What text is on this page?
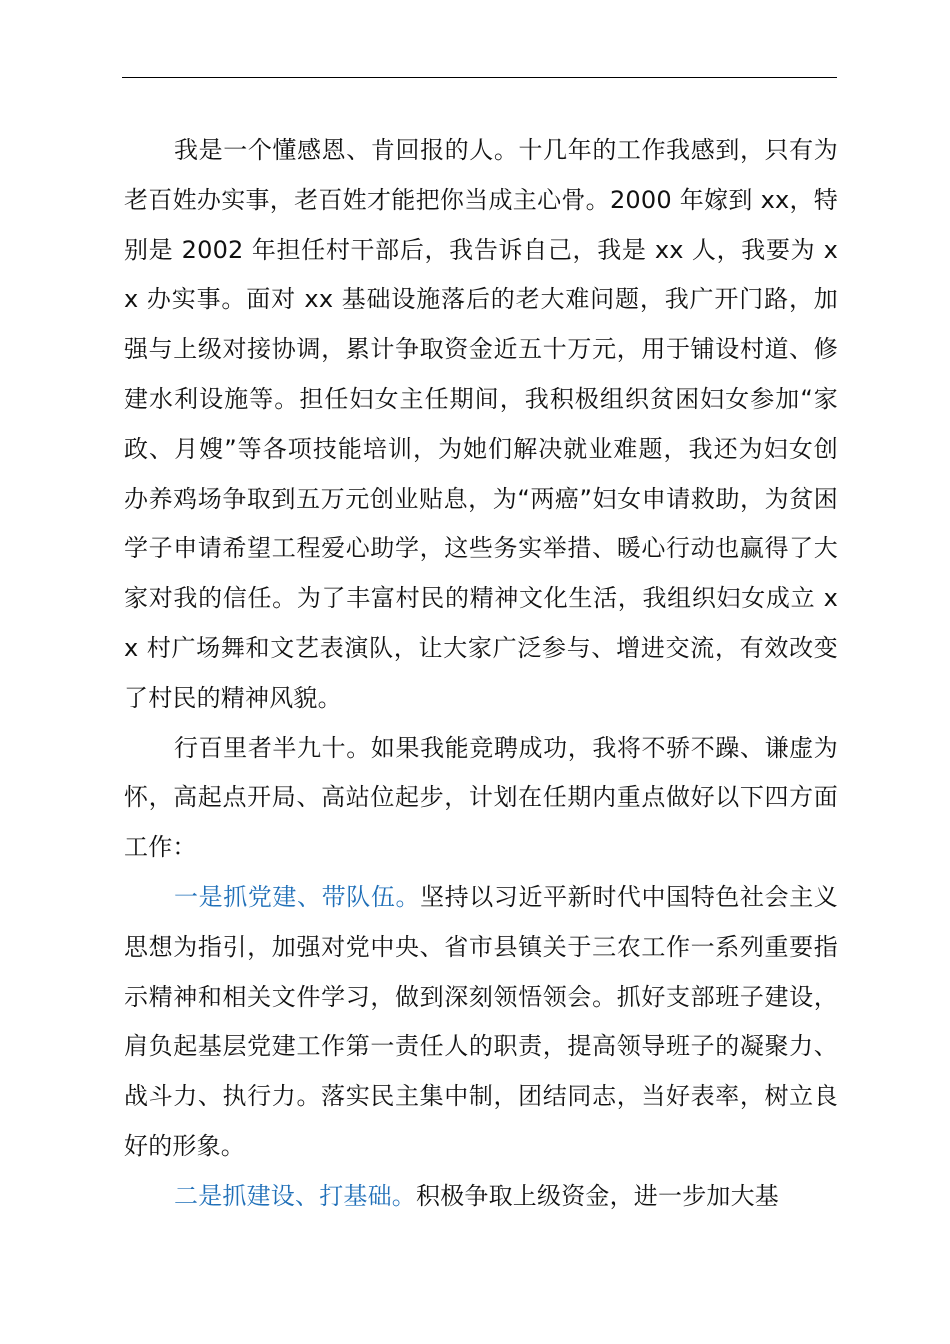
我是一个懂感恩、肯回报的人。十几年的工作我感到，只有为老百姓办实事，老百姓才能把你当成主心骨。2000 年嫁到 xx，特别是 2002 年担任村干部后，我告诉自己，我是 xx 人，我要为 xx 办实事。面对 xx 基础设施落后的老大难问题，我广开门路，加强与上级对接协调，累计争取资金近五十万元，用于铺设村道、修建水利设施等。担任妇女主任期间，我积极组织贫困妇女参加“家政、月嫂”等各项技能培训，为她们解决就业难题，我还为妇女创办养鸡场争取到五万元创业贴息，为“两癌”妇女申请救助，为贫困学子申请希望工程爱心助学，这些务实举措、暖心行动也赢得了大家对我的信任。为了丰富村民的精神文化生活，我组织妇女成立 xx 村广场舞和文艺表演队，让大家广泛参与、增进交流，有效改变了村民的精神风貌。

行百里者半九十。如果我能竞聘成功，我将不骄不躁、谦虚为怀，高起点开局、高站位起步，计划在任期内重点做好以下四方面工作：

一是抓党建、带队伍。坚持以习近平新时代中国特色社会主义思想为指引，加强对党中央、省市县镇关于三农工作一系列重要指示精神和相关文件学习，做到深刻领悟领会。抓好支部班子建设，肩负起基层党建工作第一责任人的职责，提高领导班子的凝聚力、战斗力、执行力。落实民主集中制，团结同志，当好表率，树立良好的形象。

二是抓建设、打基础。积极争取上级资金，进一步加大基
